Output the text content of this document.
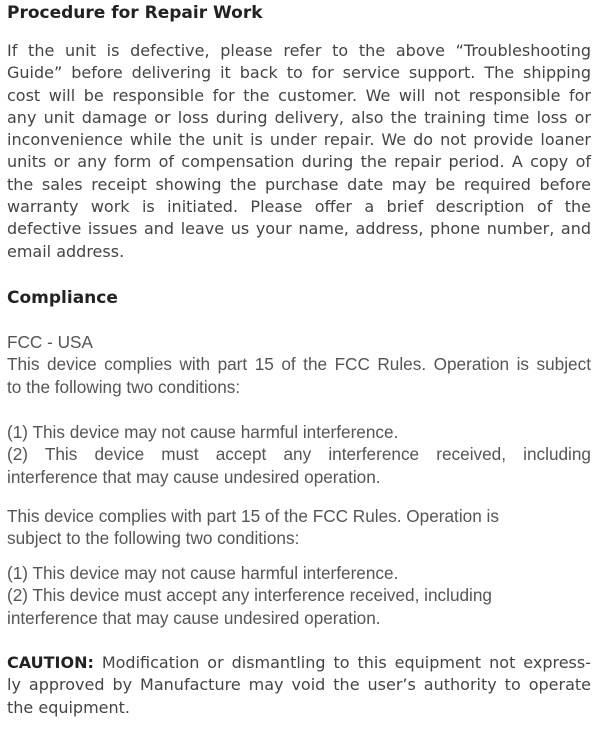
Procedure for Repair Work
If the unit is defective, please refer to the above “Troubleshooting
Guide” before delivering it back to for service support. The shipping
cost will be responsible for the customer. We will not responsible for
any unit damage or loss during delivery, also the training time loss or
inconvenience while the unit is under repair. We do not provide loaner
units or any form of compensation during the repair period. A copy of
the sales receipt showing the purchase date may be required before
warranty work is initiated. Please offer a brief description of the
defective issues and leave us your name, address, phone number, and
email address.
Compliance
FCC - USA
This device complies with part 15 of the FCC Rules. Operation is subject
to the following two conditions:
(1) This device may not cause harmful interference.
(2) This device must accept any interference received, including
interference that may cause undesired operation.
This device complies with part 15 of the FCC Rules. Operation is
subject to the following two conditions:
(1) This device may not cause harmful interference.
(2) This device must accept any interference received, including
interference that may cause undesired operation.
CAUTION: Modification or dismantling to this equipment not express-
ly approved by Manufacture may void the user’s authority to operate
the equipment.
